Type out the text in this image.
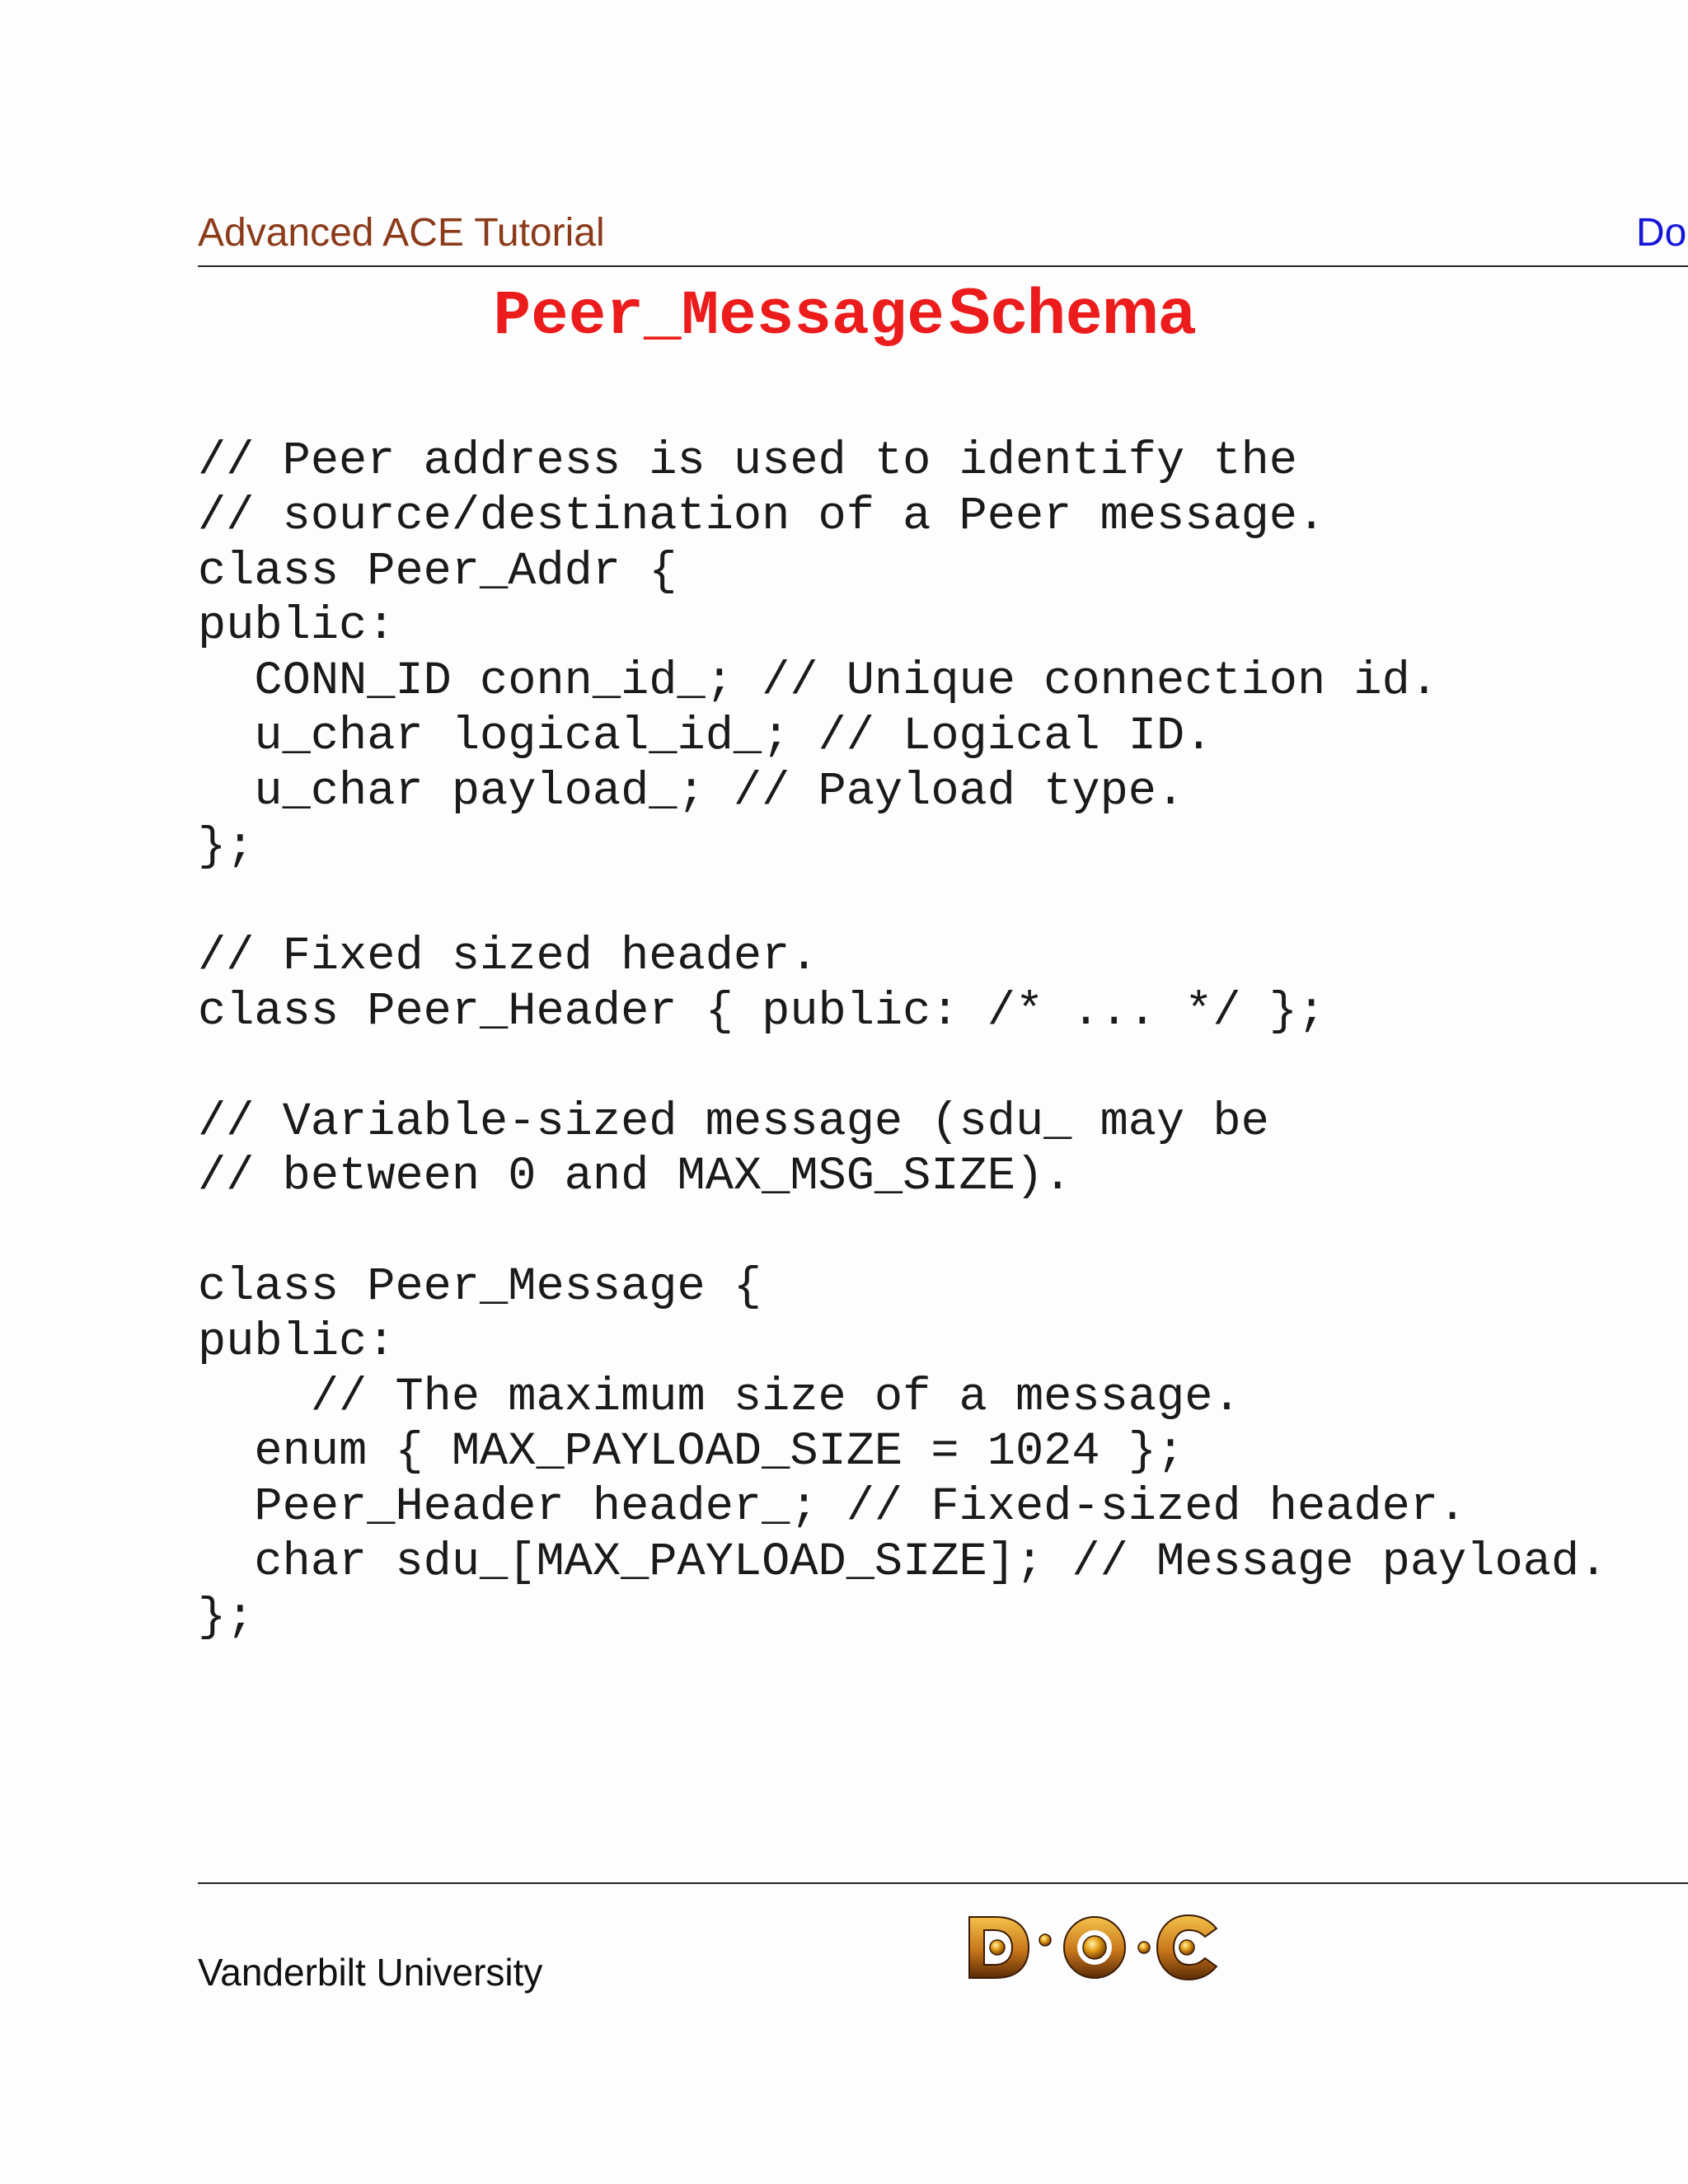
Advanced ACE Tutorial	Do
Peer_Message Schema
// Peer address is used to identify the
// source/destination of a Peer message.
class Peer_Addr {
public:
CONN_ID conn_id_; // Unique connection id.
u_char logical_id_; // Logical ID.
u_char payload_; // Payload type.
};

// Fixed sized header.
class Peer_Header { public: /* ... */ };

// Variable-sized message (sdu_ may be
// between 0 and MAX_MSG_SIZE).

class Peer_Message {
public:
// The maximum size of a message.
enum { MAX_PAYLOAD_SIZE = 1024 };
Peer_Header header_; // Fixed-sized header.
char sdu_[MAX_PAYLOAD_SIZE]; // Message payload.
};
Vanderbilt University
